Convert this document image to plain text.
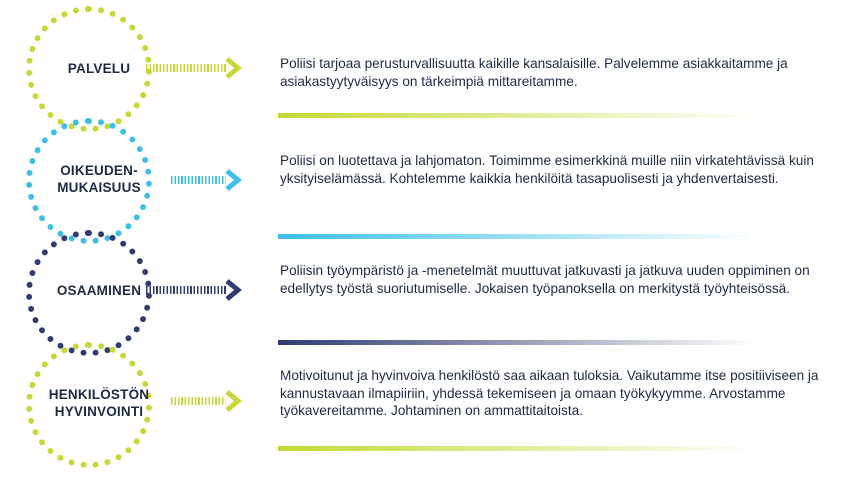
PALVELU
OIKEUDEN-
MUKAISUUS
OSAAMINEN
HENKILÖSTÖN
HYVINVOINTI
Poliisi tarjoaa perusturvallisuutta kaikille kansalaisille. Palvelemme asiakkaitamme ja asiakastyytyväisyys on tärkeimpiä mittareitamme.
Poliisi on luotettava ja lahjomaton. Toimimme esimerkkinä muille niin virkatehtävissä kuin yksityiselämässä. Kohtelemme kaikkia henkilöitä tasapuolisesti ja yhdenvertaisesti.
Poliisin työympäristö ja -menetelmät muuttuvat jatkuvasti ja jatkuva uuden oppiminen on edellytys työstä suoriutumiselle. Jokaisen työpanoksella on merkitystä työyhteisössä.
Motivoitunut ja hyvinvoiva henkilöstö saa aikaan tuloksia. Vaikutamme itse positiiviseen ja kannustavaan ilmapiiriin, yhdessä tekemiseen ja omaan työkykyymme. Arvostamme työkavereitamme. Johtaminen on ammattitaitoista.
